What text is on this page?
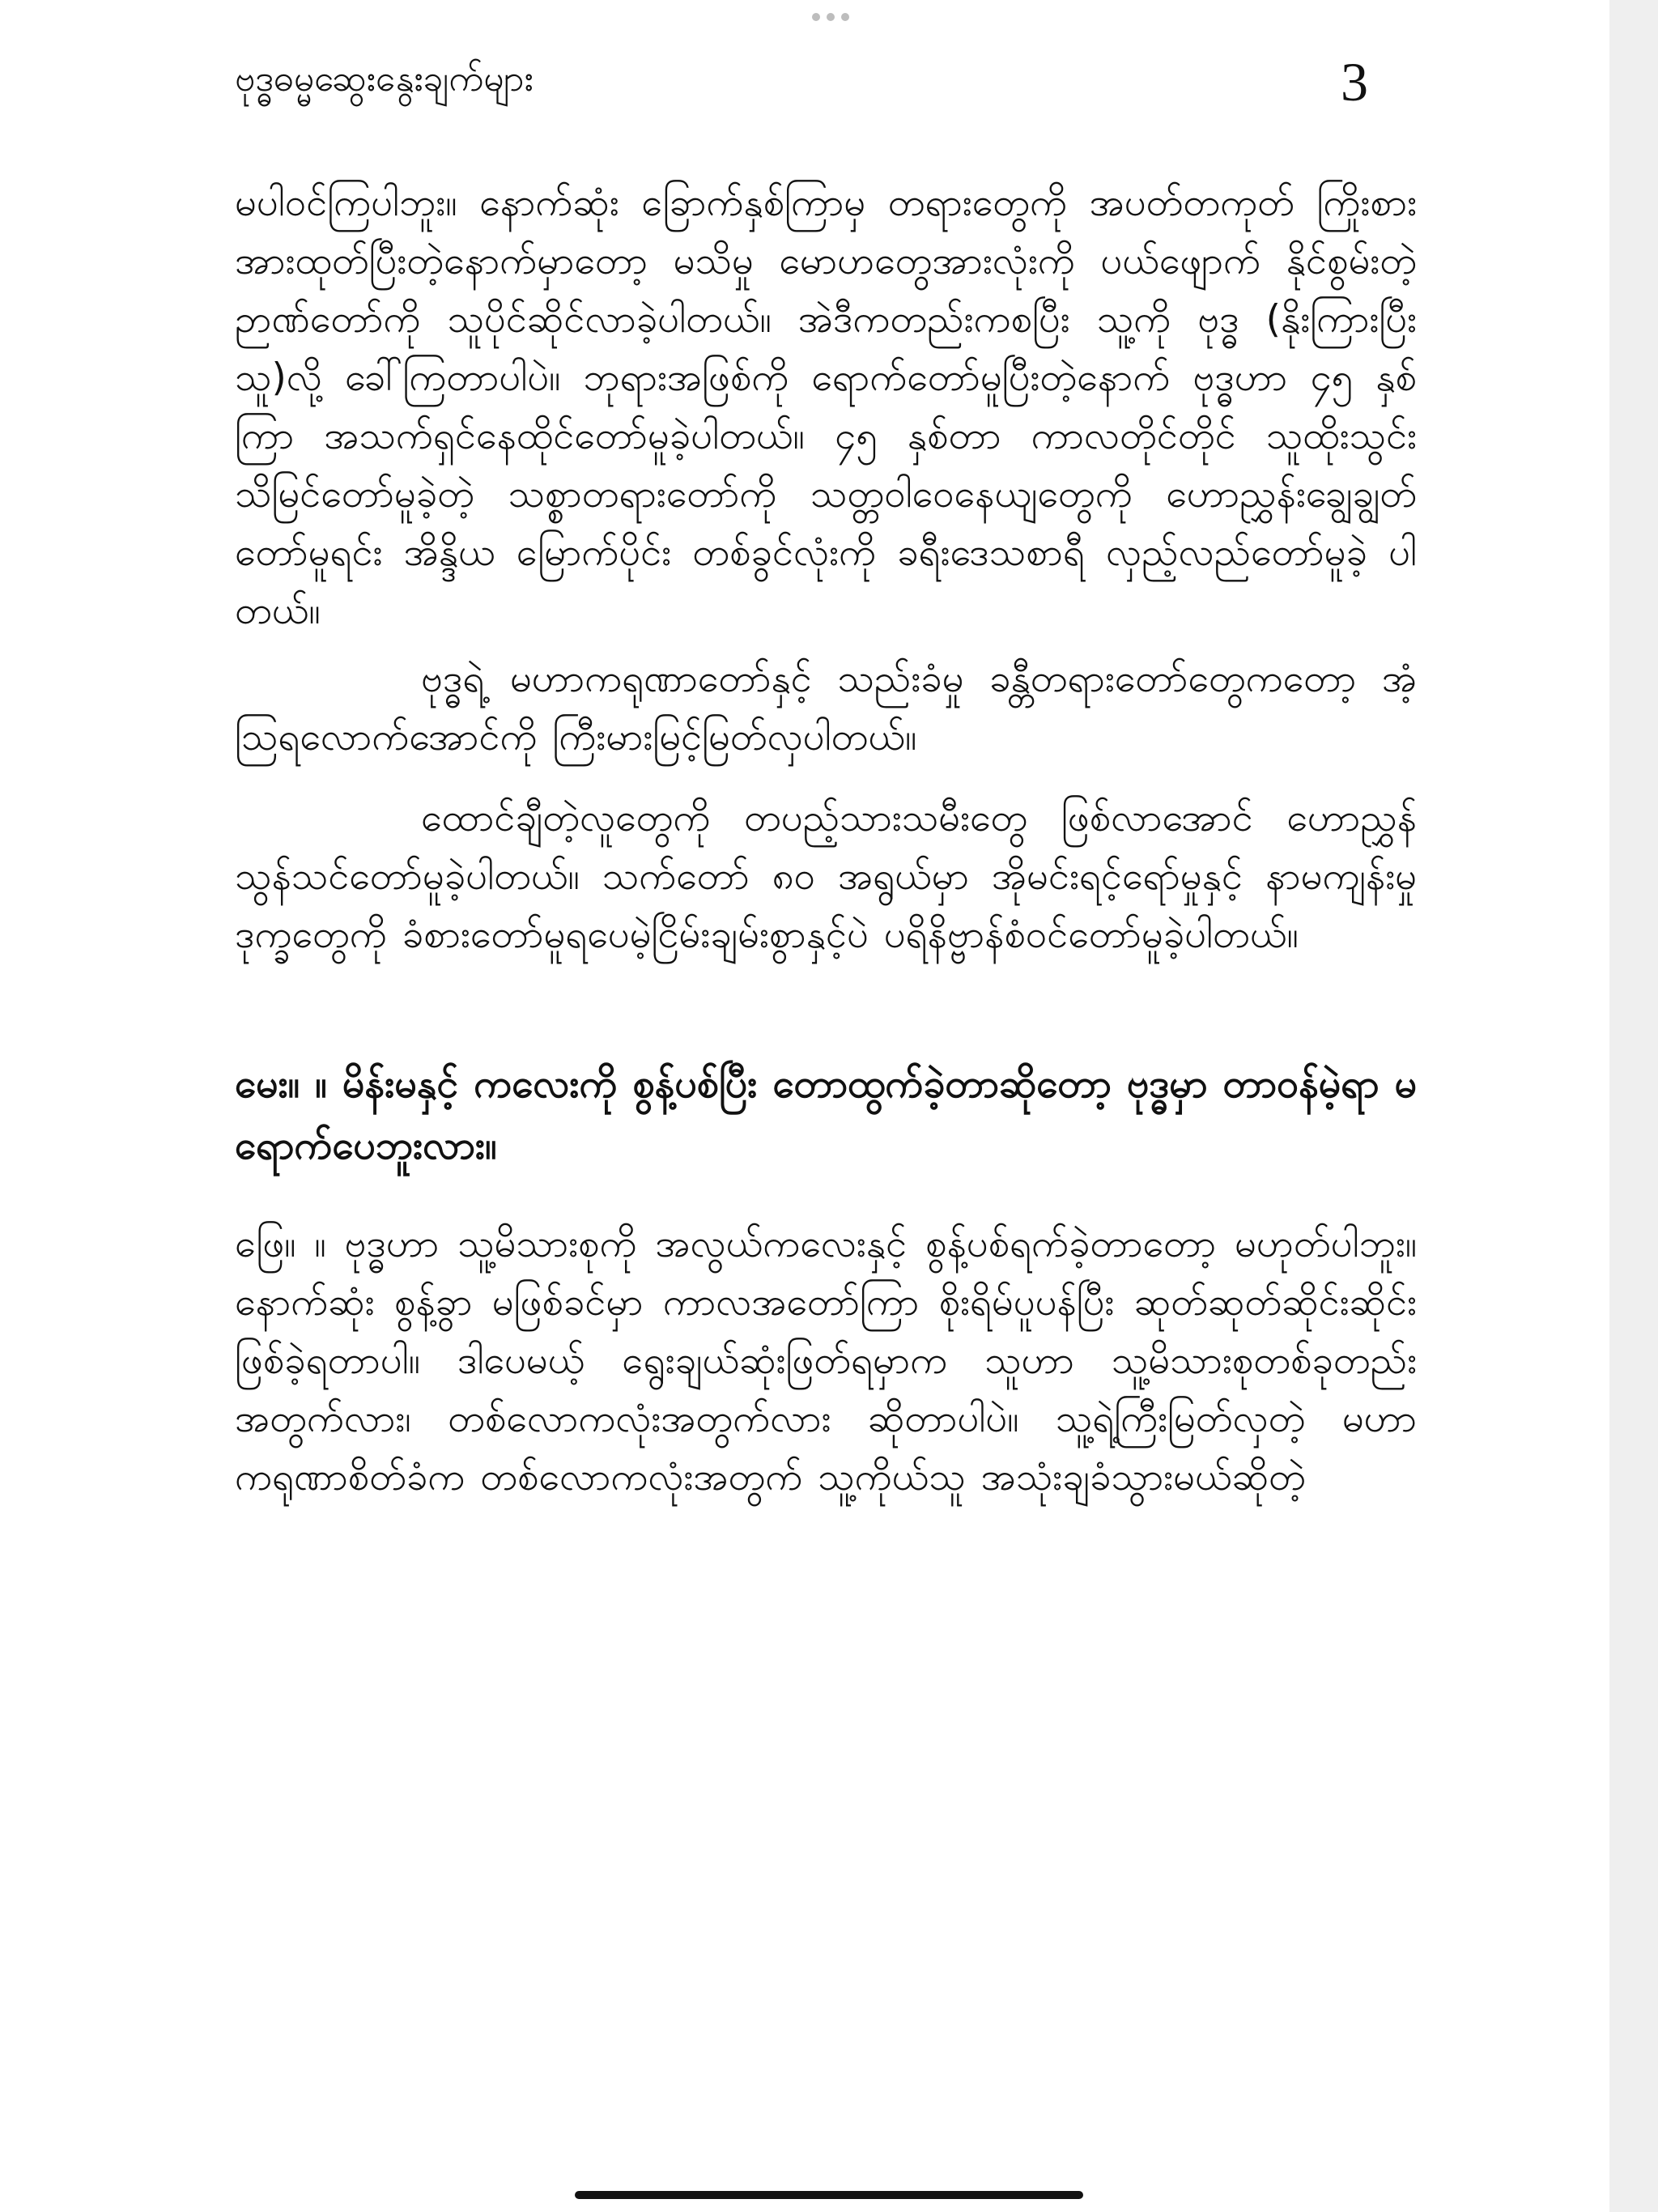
ဗုဒ္ဓဓမ္မဆွေးနွေးချက်များ	3

မပါဝင်ကြပါဘူး။ နောက်ဆုံး ခြောက်နှစ်ကြာမှ တရားတွေကို အပတ်တကုတ် ကြိုးစားအားထုတ်ပြီးတဲ့နောက်မှာတော့ မသိမှု မောဟတွေအားလုံးကို ပယ်ဖျောက် နိုင်စွမ်းတဲ့ ဉာဏ်တော်ကို သူပိုင်ဆိုင်လာခဲ့ပါတယ်။ အဲဒီကတည်းကစပြီး သူ့ကို ဗုဒ္ဓ (နိုးကြားပြီးသူ)လို့ ခေါ်ကြတာပါပဲ။ ဘုရားအဖြစ်ကို ရောက်တော်မူပြီးတဲ့နောက် ဗုဒ္ဓဟာ ၄၅ နှစ်ကြာ အသက်ရှင်နေထိုင်တော်မူခဲ့ပါတယ်။ ၄၅ နှစ်တာ ကာလတိုင်တိုင် သူထိုးသွင်းသိမြင်တော်မူခဲ့တဲ့ သစ္စာတရားတော်ကို သတ္တဝါဝေနေယျတွေကို ဟောညွှန်းချွေချွတ်တော်မူရင်း အိန္ဒိယ မြောက်ပိုင်း တစ်ခွင်လုံးကို ခရီးဒေသစာရီ လှည့်လည်တော်မူခဲ့ ပါတယ်။

ဗုဒ္ဓရဲ့ မဟာကရုဏာတော်နှင့် သည်းခံမှု ခန္တီတရားတော်တွေကတော့ အံ့သြရလောက်အောင်ကို ကြီးမားမြင့်မြတ်လှပါတယ်။

ထောင်ချီတဲ့လူတွေကို တပည့်သားသမီးတွေ ဖြစ်လာအောင် ဟောညွှန်သွန်သင်တော်မူခဲ့ပါတယ်။ သက်တော် ၈၀ အရွယ်မှာ အိုမင်းရင့်ရော်မှုနှင့် နာမကျန်းမှုဒုက္ခတွေကို ခံစားတော်မူရပေမဲ့ငြိမ်းချမ်းစွာနှင့်ပဲ ပရိနိဗ္ဗာန်စံဝင်တော်မူခဲ့ပါတယ်။

မေး။ ။ မိန်းမနှင့် ကလေးကို စွန့်ပစ်ပြီး တောထွက်ခဲ့တာဆိုတော့ ဗုဒ္ဓမှာ တာဝန်မဲ့ရာ မရောက်ပေဘူးလား။

ဖြေ။ ။ ဗုဒ္ဓဟာ သူ့မိသားစုကို အလွယ်ကလေးနှင့် စွန့်ပစ်ရက်ခဲ့တာတော့ မဟုတ်ပါဘူး။ နောက်ဆုံး စွန့်ခွာ မဖြစ်ခင်မှာ ကာလအတော်ကြာ စိုးရိမ်ပူပန်ပြီး ဆုတ်ဆုတ်ဆိုင်းဆိုင်း ဖြစ်ခဲ့ရတာပါ။ ဒါပေမယ့် ရွေးချယ်ဆုံးဖြတ်ရမှာက သူဟာ သူ့မိသားစုတစ်ခုတည်းအတွက်လား၊ တစ်လောကလုံးအတွက်လား ဆိုတာပါပဲ။ သူ့ရဲ့ကြီးမြတ်လှတဲ့ မဟာကရုဏာစိတ်ခံက တစ်လောကလုံးအတွက် သူ့ကိုယ်သူ အသုံးချခံသွားမယ်ဆိုတဲ့
